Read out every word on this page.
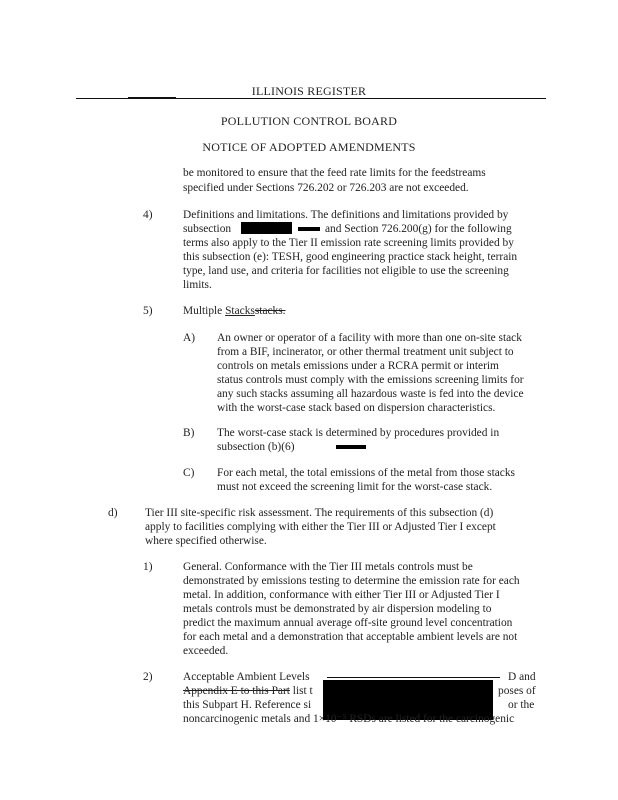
ILLINOIS REGISTER
POLLUTION CONTROL BOARD
NOTICE OF ADOPTED AMENDMENTS
be monitored to ensure that the feed rate limits for the feedstreams
specified under Sections 726.202 or 726.203 are not exceeded.
4)	Definitions and limitations. The definitions and limitations provided by
subsection	and Section 726.200(g) for the following
terms also apply to the Tier II emission rate screening limits provided by
this subsection (e): TESH, good engineering practice stack height, terrain
type, land use, and criteria for facilities not eligible to use the screening
limits.
5)	Multiple Stacksstacks.
A) An owner or operator of a facility with more than one on-site stack
from a BIF, incinerator, or other thermal treatment unit subject to
controls on metals emissions under a RCRA permit or interim
status controls must comply with the emissions screening limits for
any such stacks assuming all hazardous waste is fed into the device
with the worst-case stack based on dispersion characteristics.
B) The worst-case stack is determined by procedures provided in
subsection (b)(6)
C) For each metal, the total emissions of the metal from those stacks
must not exceed the screening limit for the worst-case stack.
d) Tier III site-specific risk assessment. The requirements of this subsection (d)
apply to facilities complying with either the Tier III or Adjusted Tier I except
where specified otherwise.
1)	General. Conformance with the Tier III metals controls must be
demonstrated by emissions testing to determine the emission rate for each
metal. In addition, conformance with either Tier III or Adjusted Tier I
metals controls must be demonstrated by air dispersion modeling to
predict the maximum annual average off-site ground level concentration
for each metal and a demonstration that acceptable ambient levels are not
exceeded.
2)	Acceptable Ambient Levels	D and
Appendix E to this Part list t	poses of
this Subpart H. Reference si	or the
noncarcinogenic metals and 1×10⁻⁵ RSDs are listed for the carcinogenic
